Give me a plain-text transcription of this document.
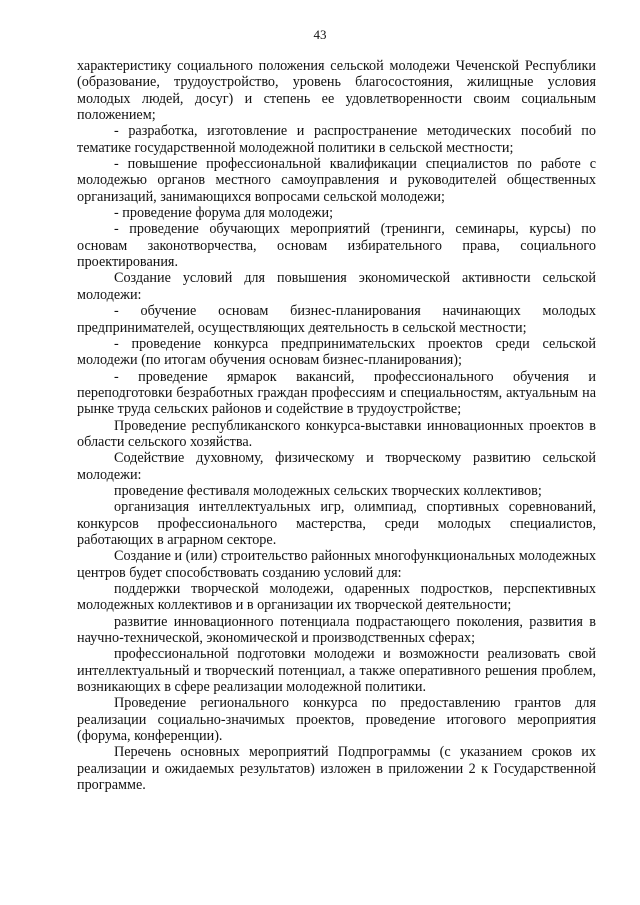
43

характеристику социального положения сельской молодежи Чеченской Республики (образование, трудоустройство, уровень благосостояния, жилищные условия молодых людей, досуг) и степень ее удовлетворенности своим социальным положением;

- разработка, изготовление и распространение методических пособий по тематике государственной молодежной политики в сельской местности;

- повышение профессиональной квалификации специалистов по работе с молодежью органов местного самоуправления и руководителей общественных организаций, занимающихся вопросами сельской молодежи;

- проведение форума для молодежи;

- проведение обучающих мероприятий (тренинги, семинары, курсы) по основам законотворчества, основам избирательного права, социального проектирования.

Создание условий для повышения экономической активности сельской молодежи:

- обучение основам бизнес-планирования начинающих молодых предпринимателей, осуществляющих деятельность в сельской местности;

- проведение конкурса предпринимательских проектов среди сельской молодежи (по итогам обучения основам бизнес-планирования);

- проведение ярмарок вакансий, профессионального обучения и переподготовки безработных граждан профессиям и специальностям, актуальным на рынке труда сельских районов и содействие в трудоустройстве;

Проведение республиканского конкурса-выставки инновационных проектов в области сельского хозяйства.

Содействие духовному, физическому и творческому развитию сельской молодежи:

проведение фестиваля молодежных сельских творческих коллективов;

организация интеллектуальных игр, олимпиад, спортивных соревнований, конкурсов профессионального мастерства, среди молодых специалистов, работающих в аграрном секторе.

Создание и (или) строительство районных многофункциональных молодежных центров будет способствовать созданию условий для:

поддержки творческой молодежи, одаренных подростков, перспективных молодежных коллективов и в организации их творческой деятельности;

развитие инновационного потенциала подрастающего поколения, развития в научно-технической, экономической и производственных сферах;

профессиональной подготовки молодежи и возможности реализовать свой интеллектуальный и творческий потенциал, а также оперативного решения проблем, возникающих в сфере реализации молодежной политики.

Проведение регионального конкурса по предоставлению грантов для реализации социально-значимых проектов, проведение итогового мероприятия (форума, конференции).

Перечень основных мероприятий Подпрограммы (с указанием сроков их реализации и ожидаемых результатов) изложен в приложении 2 к Государственной программе.
